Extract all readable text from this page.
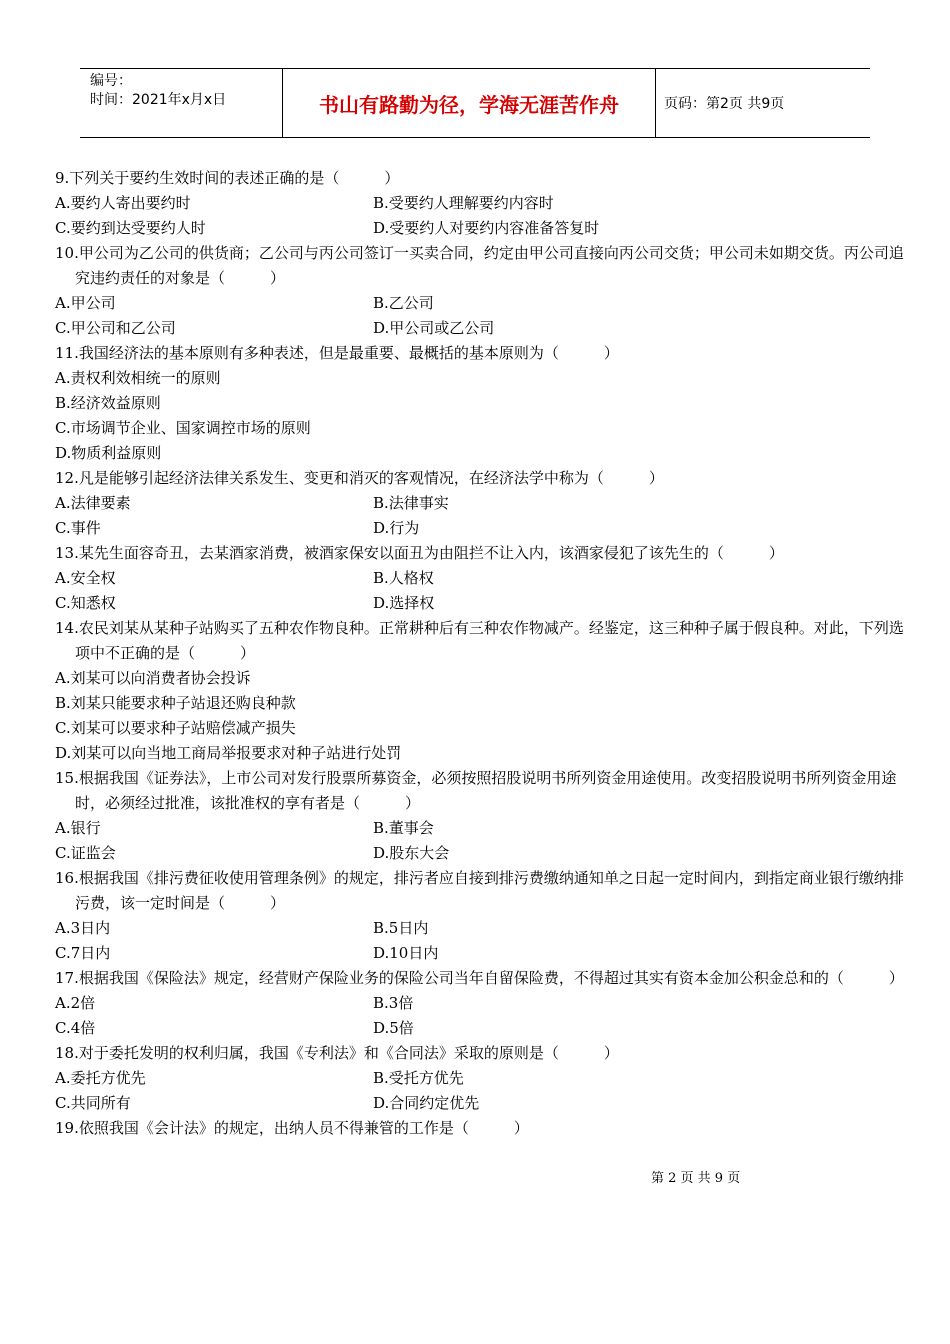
编号：
时间：2021年x月x日	书山有路勤为径，学海无涯苦作舟	页码：第2页 共9页
9.下列关于要约生效时间的表述正确的是（　　　）
A.要约人寄出要约时	B.受要约人理解要约内容时
C.要约到达受要约人时	D.受要约人对要约内容准备答复时
10.甲公司为乙公司的供货商；乙公司与丙公司签订一买卖合同，约定由甲公司直接向丙公司交货；甲公司未如期交货。丙公司追究违约责任的对象是（　　　）
A.甲公司	B.乙公司
C.甲公司和乙公司	D.甲公司或乙公司
11.我国经济法的基本原则有多种表述，但是最重要、最概括的基本原则为（　　　）
A.责权利效相统一的原则
B.经济效益原则
C.市场调节企业、国家调控市场的原则
D.物质利益原则
12.凡是能够引起经济法律关系发生、变更和消灭的客观情况，在经济法学中称为（　　　）
A.法律要素	B.法律事实
C.事件	D.行为
13.某先生面容奇丑，去某酒家消费，被酒家保安以面丑为由阻拦不让入内，该酒家侵犯了该先生的（　　　）
A.安全权	B.人格权
C.知悉权	D.选择权
14.农民刘某从某种子站购买了五种农作物良种。正常耕种后有三种农作物减产。经鉴定，这三种种子属于假良种。对此，下列选项中不正确的是（　　　）
A.刘某可以向消费者协会投诉
B.刘某只能要求种子站退还购良种款
C.刘某可以要求种子站赔偿减产损失
D.刘某可以向当地工商局举报要求对种子站进行处罚
15.根据我国《证券法》，上市公司对发行股票所募资金，必须按照招股说明书所列资金用途使用。改变招股说明书所列资金用途时，必须经过批准，该批准权的享有者是（　　　）
A.银行	B.董事会
C.证监会	D.股东大会
16.根据我国《排污费征收使用管理条例》的规定，排污者应自接到排污费缴纳通知单之日起一定时间内，到指定商业银行缴纳排污费，该一定时间是（　　　）
A.3日内	B.5日内
C.7日内	D.10日内
17.根据我国《保险法》规定，经营财产保险业务的保险公司当年自留保险费，不得超过其实有资本金加公积金总和的（　　　）
A.2倍	B.3倍
C.4倍	D.5倍
18.对于委托发明的权利归属，我国《专利法》和《合同法》采取的原则是（　　　）
A.委托方优先	B.受托方优先
C.共同所有	D.合同约定优先
19.依照我国《会计法》的规定，出纳人员不得兼管的工作是（　　　）
第 2 页 共 9 页
